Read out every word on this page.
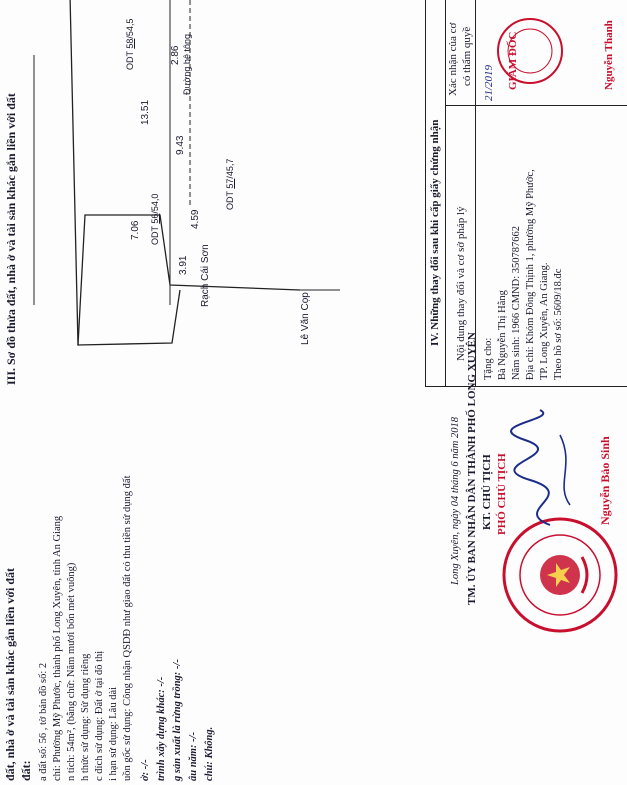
đất, nhà ở và tài sản khác gắn liền với đất đất: a đất số: 56 , tờ bản đồ số: 2 chỉ: Phường Mỹ Phước, thành phố Long Xuyên, tỉnh An Giang n tích: 54m², (bằng chữ: Năm mươi bốn mét vuông) h thức sử dụng: Sử dụng riêng c đích sử dụng: Đất ở tại đô thị i hạn sử dụng: Lâu dài uồn gốc sử dụng: Công nhận QSDĐ như giao đất có thu tiền sử dụng đất ở: -/- trình xây dựng khác: -/- g sản xuất là rừng trồng: -/- âu năm: -/- chú: Không.
Long Xuyên, ngày 04 tháng 6 năm 2018 TM. ỦY BAN NHÂN DÂN THÀNH PHỐ LONG XUYÊN KT. CHỦ TỊCH PHÓ CHỦ TỊCH	Nguyễn Bảo Sinh
III. Sơ đồ thửa đất, nhà ở và tài sản khác gắn liền với đất	Rạch Cái Sơn
Lê Văn Cọp
Đường bê tông
13.51
2.86
9.43
7.06
4.59
3.91
ODT 56/54,0	ODT 57/45,7
ODT 58/54,5
IV. Những thay đổi sau khi cấp giấy chứng nhận Nội dung thay đổi và cơ sở pháp lý
Xác nhận của cơ có thẩm quyề
Tặng cho: Bà Nguyễn Thị Hằng Năm sinh: 1966 CMND: 350787662 Địa chỉ: Khóm Đông Thịnh 1, phường Mỹ Phước, TP. Long Xuyên, An Giang. Theo hồ sơ số: 5609/18.đc
21/2019 GIÁM ĐỐC	Nguyễn Thanh
